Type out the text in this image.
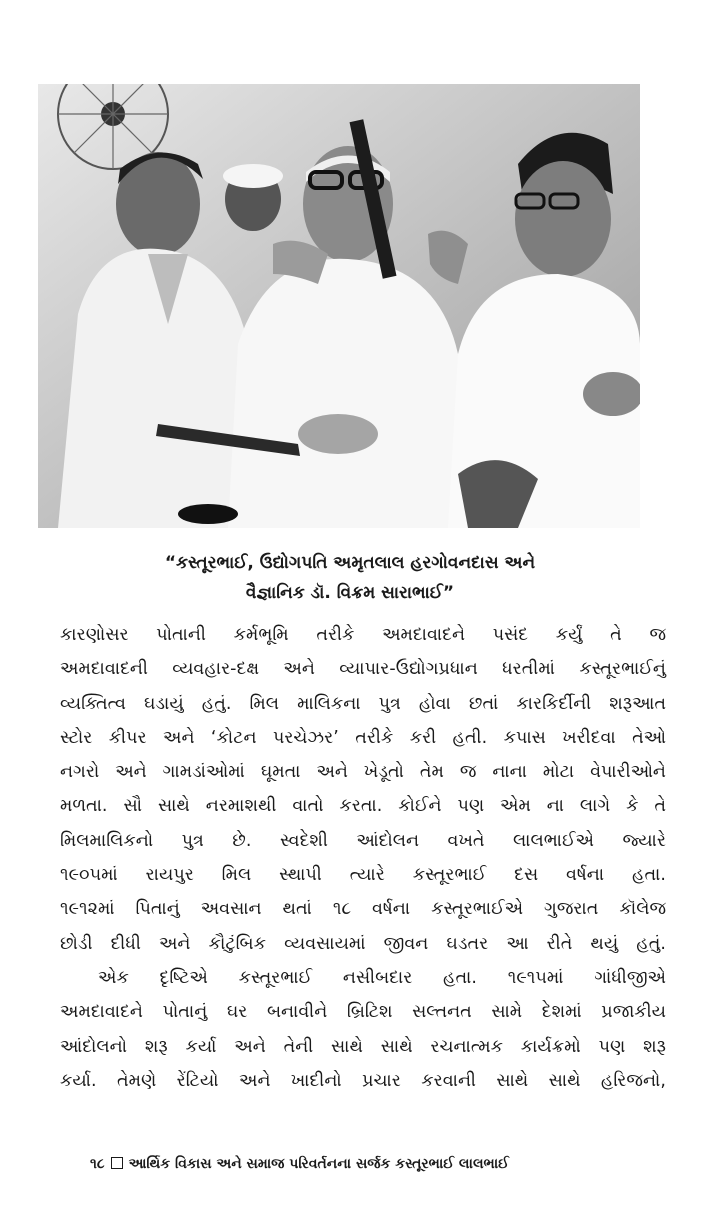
“કસ્તૂરભાઈ, ઉદ્યોગપતિ અમૃતલાલ હરગોવનદાસ અને
વૈજ્ઞાનિક ડૉ. વિક્રમ સારાભાઈ”

કારણોસર પોતાની કર્મભૂમિ તરીકે અમદાવાદને પસંદ કર્યું તે જ

અમદાવાદની વ્યવહાર-દક્ષ અને વ્યાપાર-ઉદ્યોગપ્રધાન ધરતીમાં કસ્તૂરભાઈનું

વ્યક્તિત્વ ઘડાયું હતું. મિલ માલિકના પુત્ર હોવા છતાં કારકિર્દીની શરૂઆત

સ્ટોર કીપર અને ‘કોટન પરચેઝર’ તરીકે કરી હતી. કપાસ ખરીદવા તેઓ

નગરો અને ગામડાંઓમાં ઘૂમતા અને ખેડૂતો તેમ જ નાના મોટા વેપારીઓને

મળતા. સૌ સાથે નરમાશથી વાતો કરતા. કોઈને પણ એમ ના લાગે કે તે

મિલમાલિકનો પુત્ર છે. સ્વદેશી આંદોલન વખતે લાલભાઈએ જ્યારે

૧૯૦૫માં રાયપુર મિલ સ્થાપી ત્યારે કસ્તૂરભાઈ દસ વર્ષના હતા.

૧૯૧૨માં પિતાનું અવસાન થતાં ૧૮ વર્ષના કસ્તૂરભાઈએ ગુજરાત કૉલેજ

છોડી દીધી અને કૌટુંબિક વ્યવસાયમાં જીવન ઘડતર આ રીતે થયું હતું.

એક દૃષ્ટિએ કસ્તૂરભાઈ નસીબદાર હતા. ૧૯૧૫માં ગાંધીજીએ

અમદાવાદને પોતાનું ઘર બનાવીને બ્રિટિશ સલ્તનત સામે દેશમાં પ્રજાકીય

આંદોલનો શરૂ કર્યા અને તેની સાથે સાથે રચનાત્મક કાર્યક્રમો પણ શરૂ

કર્યા. તેમણે રેંટિયો અને ખાદીનો પ્રચાર કરવાની સાથે સાથે હરિજનો,

૧૮ આર્થિક વિકાસ અને સમાજ પરિવર્તનના સર્જક કસ્તૂરભાઈ લાલભાઈ
